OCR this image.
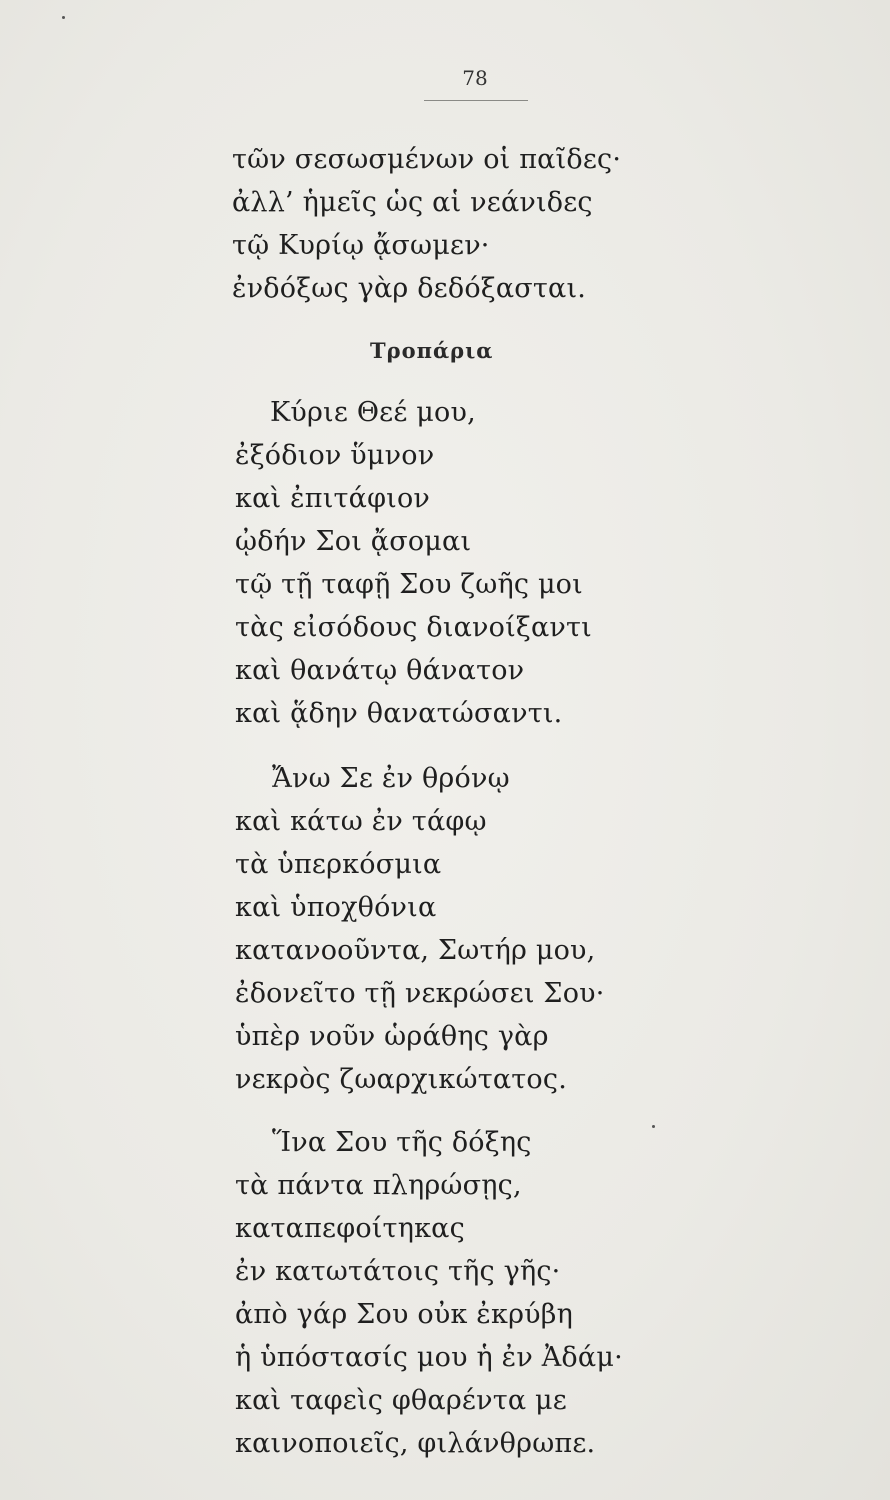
78
τῶν σεσωσμένων οἱ παῖδες·
ἀλλ’ ἡμεῖς ὡς αἱ νεάνιδες
τῷ Κυρίῳ ᾄσωμεν·
ἐνδόξως γὰρ δεδόξασται.
Τροπάρια
Κύριε Θεέ μου,
ἐξόδιον ὕμνον
καὶ ἐπιτάφιον
ᾠδήν Σοι ᾄσομαι
τῷ τῇ ταφῇ Σου ζωῆς μοι
τὰς εἰσόδους διανοίξαντι
καὶ θανάτῳ θάνατον
καὶ ᾅδην θανατώσαντι.
Ἄνω Σε ἐν θρόνῳ
καὶ κάτω ἐν τάφῳ
τὰ ὑπερκόσμια
καὶ ὑποχθόνια
κατανοοῦντα, Σωτήρ μου,
ἐδονεῖτο τῇ νεκρώσει Σου·
ὑπὲρ νοῦν ὡράθης γὰρ
νεκρὸς ζωαρχικώτατος.
Ἵνα Σου τῆς δόξης
τὰ πάντα πληρώσῃς,
καταπεφοίτηκας
ἐν κατωτάτοις τῆς γῆς·
ἀπὸ γάρ Σου οὐκ ἐκρύβη
ἡ ὑπόστασίς μου ἡ ἐν Ἀδάμ·
καὶ ταφεὶς φθαρέντα με
καινοποιεῖς, φιλάνθρωπε.
